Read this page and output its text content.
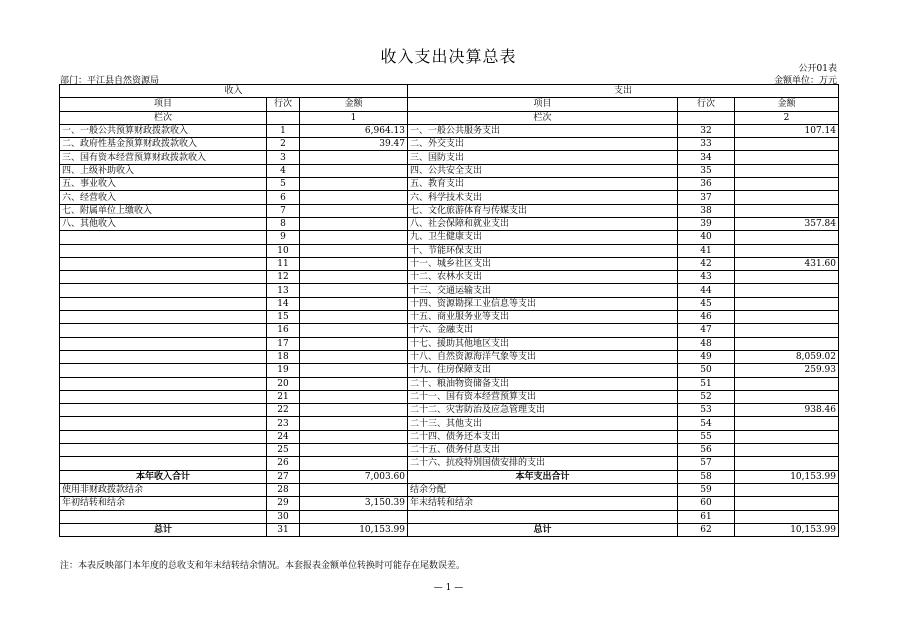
收入支出决算总表
公开01表
部门：平江县自然资源局	金额单位：万元
收入			支出		
项目	行次	金额	项目	行次	金额
栏次		1	栏次		2
一、一般公共预算财政拨款收入	1	6,964.13	一、一般公共服务支出	32	107.14
二、政府性基金预算财政拨款收入	2	39.47	二、外交支出	33	
三、国有资本经营预算财政拨款收入	3		三、国防支出	34	
四、上级补助收入	4		四、公共安全支出	35	
五、事业收入	5		五、教育支出	36	
六、经营收入	6		六、科学技术支出	37	
七、附属单位上缴收入	7		七、文化旅游体育与传媒支出	38	
八、其他收入	8		八、社会保障和就业支出	39	357.84
	9		九、卫生健康支出	40	
	10		十、节能环保支出	41	
	11		十一、城乡社区支出	42	431.60
	12		十二、农林水支出	43	
	13		十三、交通运输支出	44	
	14		十四、资源勘探工业信息等支出	45	
	15		十五、商业服务业等支出	46	
	16		十六、金融支出	47	
	17		十七、援助其他地区支出	48	
	18		十八、自然资源海洋气象等支出	49	8,059.02
	19		十九、住房保障支出	50	259.93
	20		二十、粮油物资储备支出	51	
	21		二十一、国有资本经营预算支出	52	
	22		二十二、灾害防治及应急管理支出	53	938.46
	23		二十三、其他支出	54	
	24		二十四、债务还本支出	55	
	25		二十五、债务付息支出	56	
	26		二十六、抗疫特别国债安排的支出	57	
本年收入合计	27	7,003.60	本年支出合计	58	10,153.99
使用非财政拨款结余	28		结余分配	59	
年初结转和结余	29	3,150.39	年末结转和结余	60	
	30			61	
总计	31	10,153.99	总计	62	10,153.99
注：本表反映部门本年度的总收支和年末结转结余情况。本套报表金额单位转换时可能存在尾数误差。
— 1 —
